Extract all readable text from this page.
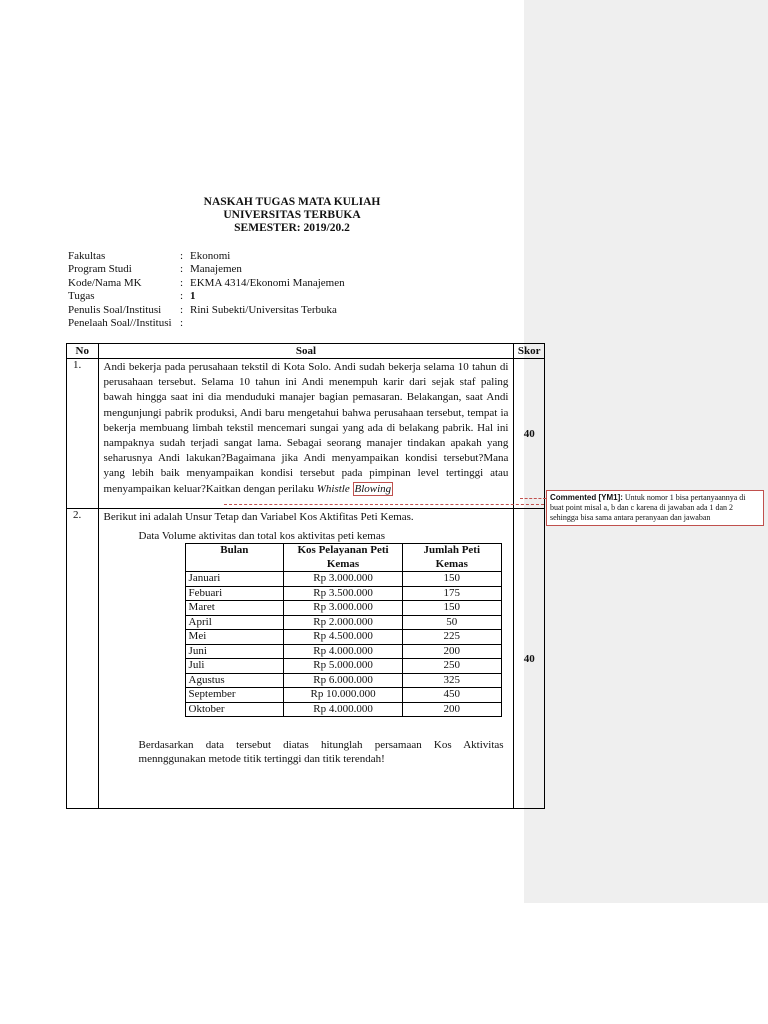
NASKAH TUGAS MATA KULIAH
UNIVERSITAS TERBUKA
SEMESTER: 2019/20.2
Fakultas	: Ekonomi
Program Studi	: Manajemen
Kode/Nama MK	: EKMA 4314/Ekonomi Manajemen
Tugas	: 1
Penulis Soal/Institusi	: Rini Subekti/Universitas Terbuka
Penelaah Soal//Institusi :
No	Soal	Skor
1.	Andi bekerja pada perusahaan tekstil di Kota Solo. Andi sudah bekerja selama 10 tahun di perusahaan tersebut. Selama 10 tahun ini Andi menempuh karir dari sejak staf paling bawah hingga saat ini dia menduduki manajer bagian pemasaran. Belakangan, saat Andi mengunjungi pabrik produksi, Andi baru mengetahui bahwa perusahaan tersebut, tempat ia bekerja membuang limbah tekstil mencemari sungai yang ada di belakang pabrik. Hal ini nampaknya sudah terjadi sangat lama. Sebagai seorang manajer tindakan apakah yang seharusnya Andi lakukan?Bagaimana jika Andi menyampaikan kondisi tersebut?Mana yang lebih baik menyampaikan kondisi tersebut pada pimpinan level tertinggi atau menyampaikan keluar?Kaitkan dengan perilaku Whistle Blowing

	40
2.	Berikut ini adalah Unsur Tetap dan Variabel Kos Aktifitas Peti Kemas.

Data Volume aktivitas dan total kos aktivitas peti kemas

Bulan	Kos Pelayanan Peti Kemas	Jumlah Peti Kemas
Januari	Rp 3.000.000	150
Febuari	Rp 3.500.000	175
Maret	Rp 3.000.000	150
April	Rp 2.000.000	50
Mei	Rp 4.500.000	225
Juni	Rp 4.000.000	200
Juli	Rp 5.000.000	250
Agustus	Rp 6.000.000	325
September	Rp 10.000.000	450
Oktober	Rp 4.000.000	200

Berdasarkan data tersebut diatas hitunglah persamaan Kos Aktivitas mennggunakan metode titik tertinggi dan titik terendah!

	40
Commented [YM1]: Untuk nomor 1 bisa pertanyaannya di buat point misal a, b dan c karena di jawaban ada 1 dan 2 sehingga bisa sama antara peranyaan dan jawaban
